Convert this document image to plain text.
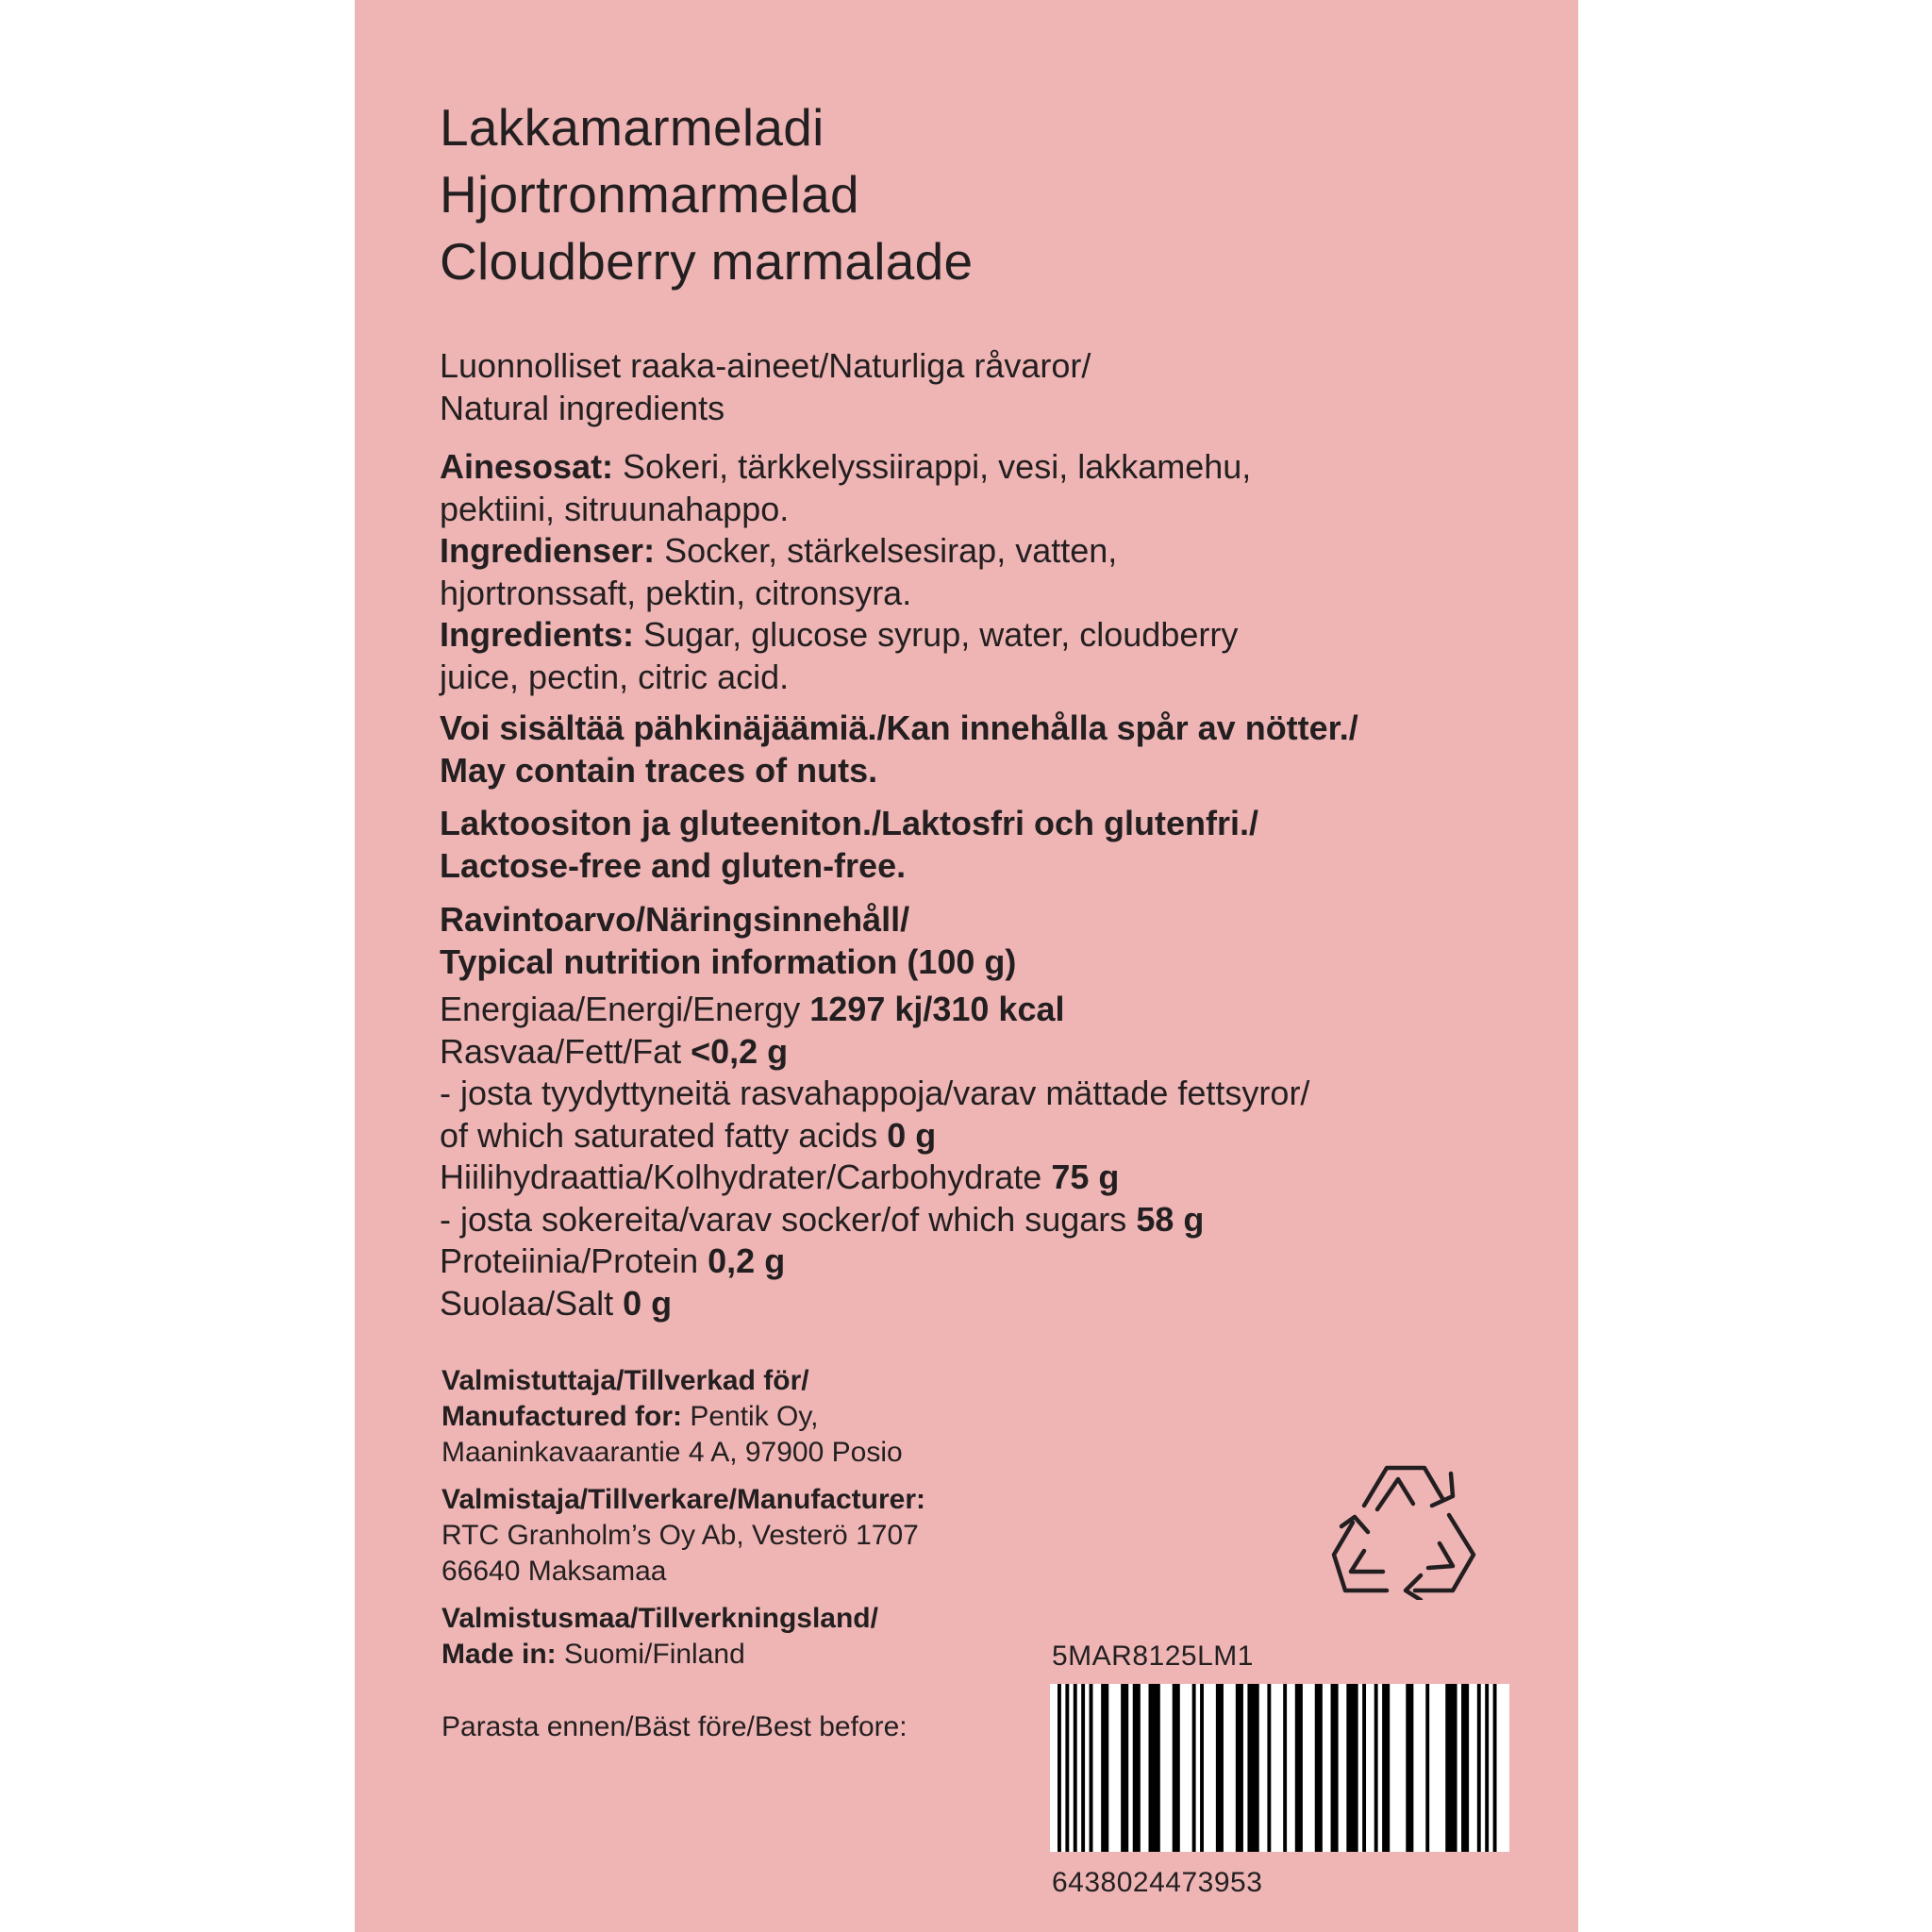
Lakkamarmeladi
Hjortronmarmelad
Cloudberry marmalade
Luonnolliset raaka-aineet/Naturliga råvaror/
Natural ingredients
Ainesosat: Sokeri, tärkkelyssiirappi, vesi, lakkamehu,
pektiini, sitruunahappo.
Ingredienser: Socker, stärkelsesirap, vatten,
hjortronssaft, pektin, citronsyra.
Ingredients: Sugar, glucose syrup, water, cloudberry
juice, pectin, citric acid.
Voi sisältää pähkinäjäämiä./Kan innehålla spår av nötter./
May contain traces of nuts.
Laktoositon ja gluteeniton./Laktosfri och glutenfri./
Lactose-free and gluten-free.
Ravintoarvo/Näringsinnehåll/
Typical nutrition information (100 g)
Energiaa/Energi/Energy 1297 kj/310 kcal
Rasvaa/Fett/Fat <0,2 g
- josta tyydyttyneitä rasvahappoja/varav mättade fettsyror/
of which saturated fatty acids 0 g
Hiilihydraattia/Kolhydrater/Carbohydrate 75 g
- josta sokereita/varav socker/of which sugars 58 g
Proteiinia/Protein 0,2 g
Suolaa/Salt 0 g
Valmistuttaja/Tillverkad för/
Manufactured for: Pentik Oy,
Maaninkavaarantie 4 A, 97900 Posio
Valmistaja/Tillverkare/Manufacturer:
RTC Granholm’s Oy Ab, Vesterö 1707
66640 Maksamaa
Valmistusmaa/Tillverkningsland/
Made in: Suomi/Finland
Parasta ennen/Bäst före/Best before:
5MAR8125LM1
6438024473953
